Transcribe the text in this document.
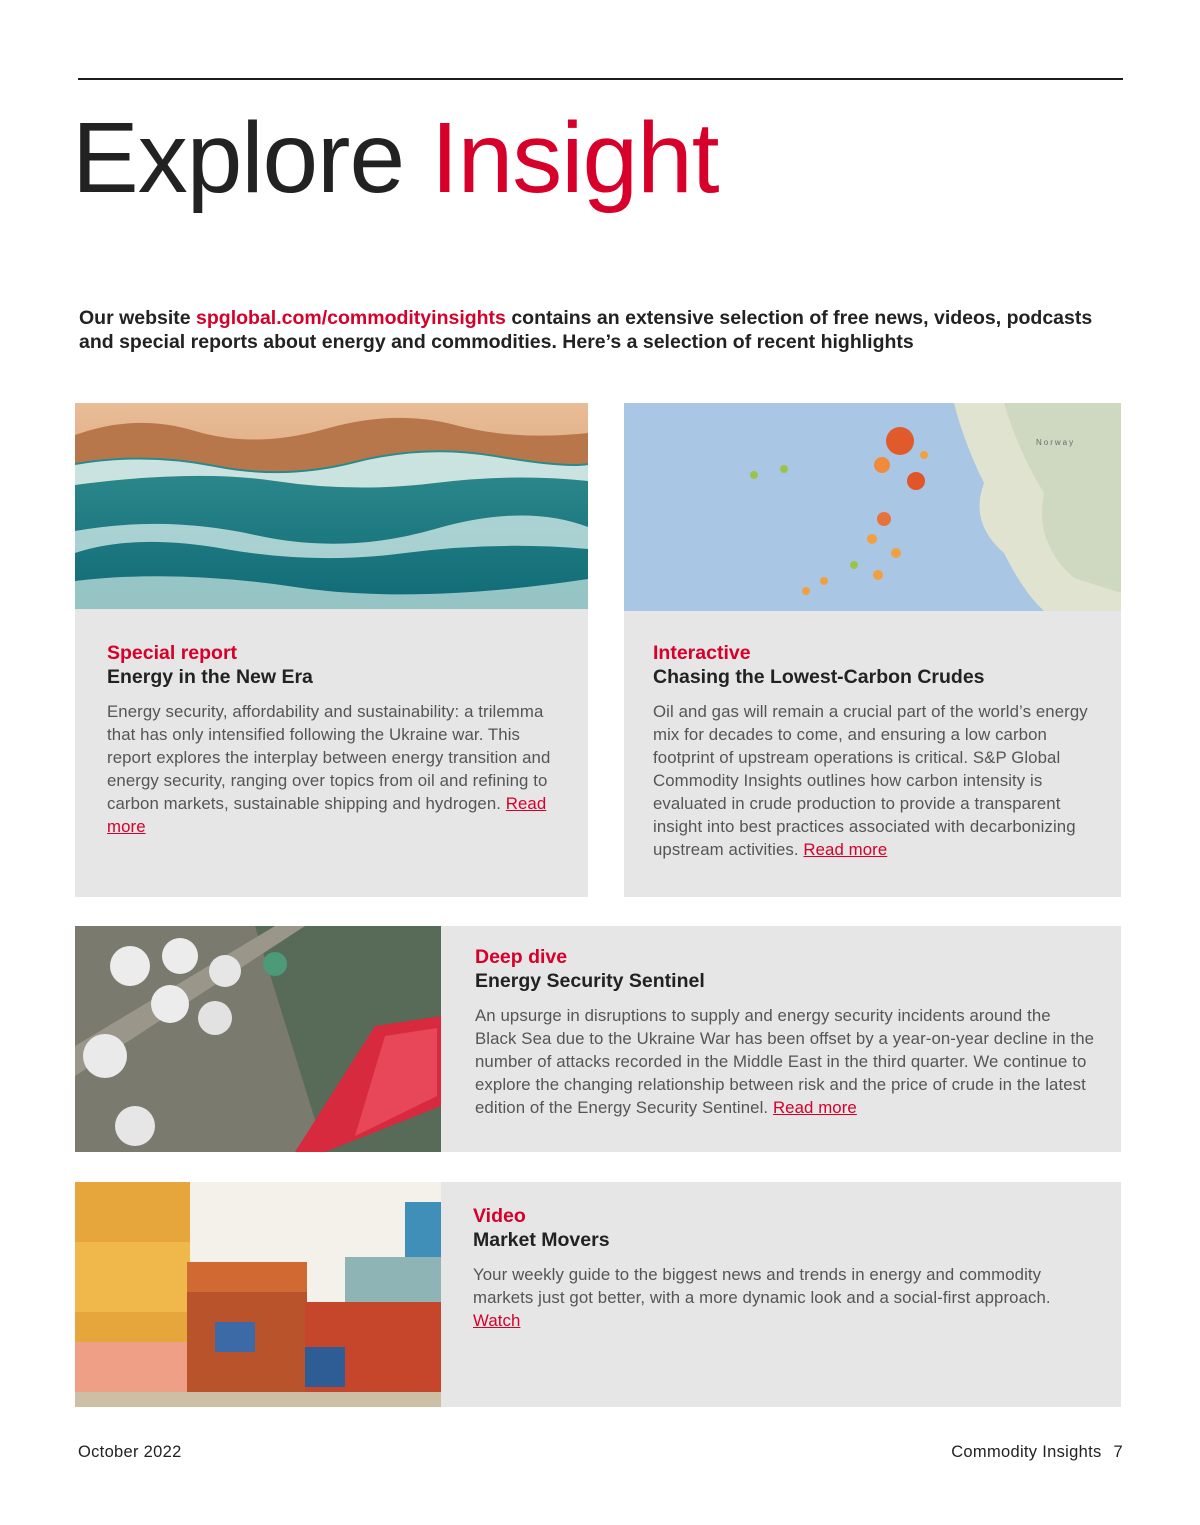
Explore Insight

Our website spglobal.com/commodityinsights contains an extensive selection of free news, videos, podcasts and special reports about energy and commodities. Here’s a selection of recent highlights

Special report
Energy in the New Era

Energy security, affordability and sustainability: a trilemma that has only intensified following the Ukraine war. This report explores the interplay between energy transition and energy security, ranging over topics from oil and refining to carbon markets, sustainable shipping and hydrogen. Read more

Norway
Interactive
Chasing the Lowest-Carbon Crudes

Oil and gas will remain a crucial part of the world’s energy mix for decades to come, and ensuring a low carbon footprint of upstream operations is critical. S&P Global Commodity Insights outlines how carbon intensity is evaluated in crude production to provide a transparent insight into best practices associated with decarbonizing upstream activities. Read more

Deep dive
Energy Security Sentinel

An upsurge in disruptions to supply and energy security incidents around the Black Sea due to the Ukraine War has been offset by a year-on-year decline in the number of attacks recorded in the Middle East in the third quarter. We continue to explore the changing relationship between risk and the price of crude in the latest edition of the Energy Security Sentinel. Read more

Video
Market Movers

Your weekly guide to the biggest news and trends in energy and commodity markets just got better, with a more dynamic look and a social-first approach. Watch

October 2022	Commodity Insights 7
